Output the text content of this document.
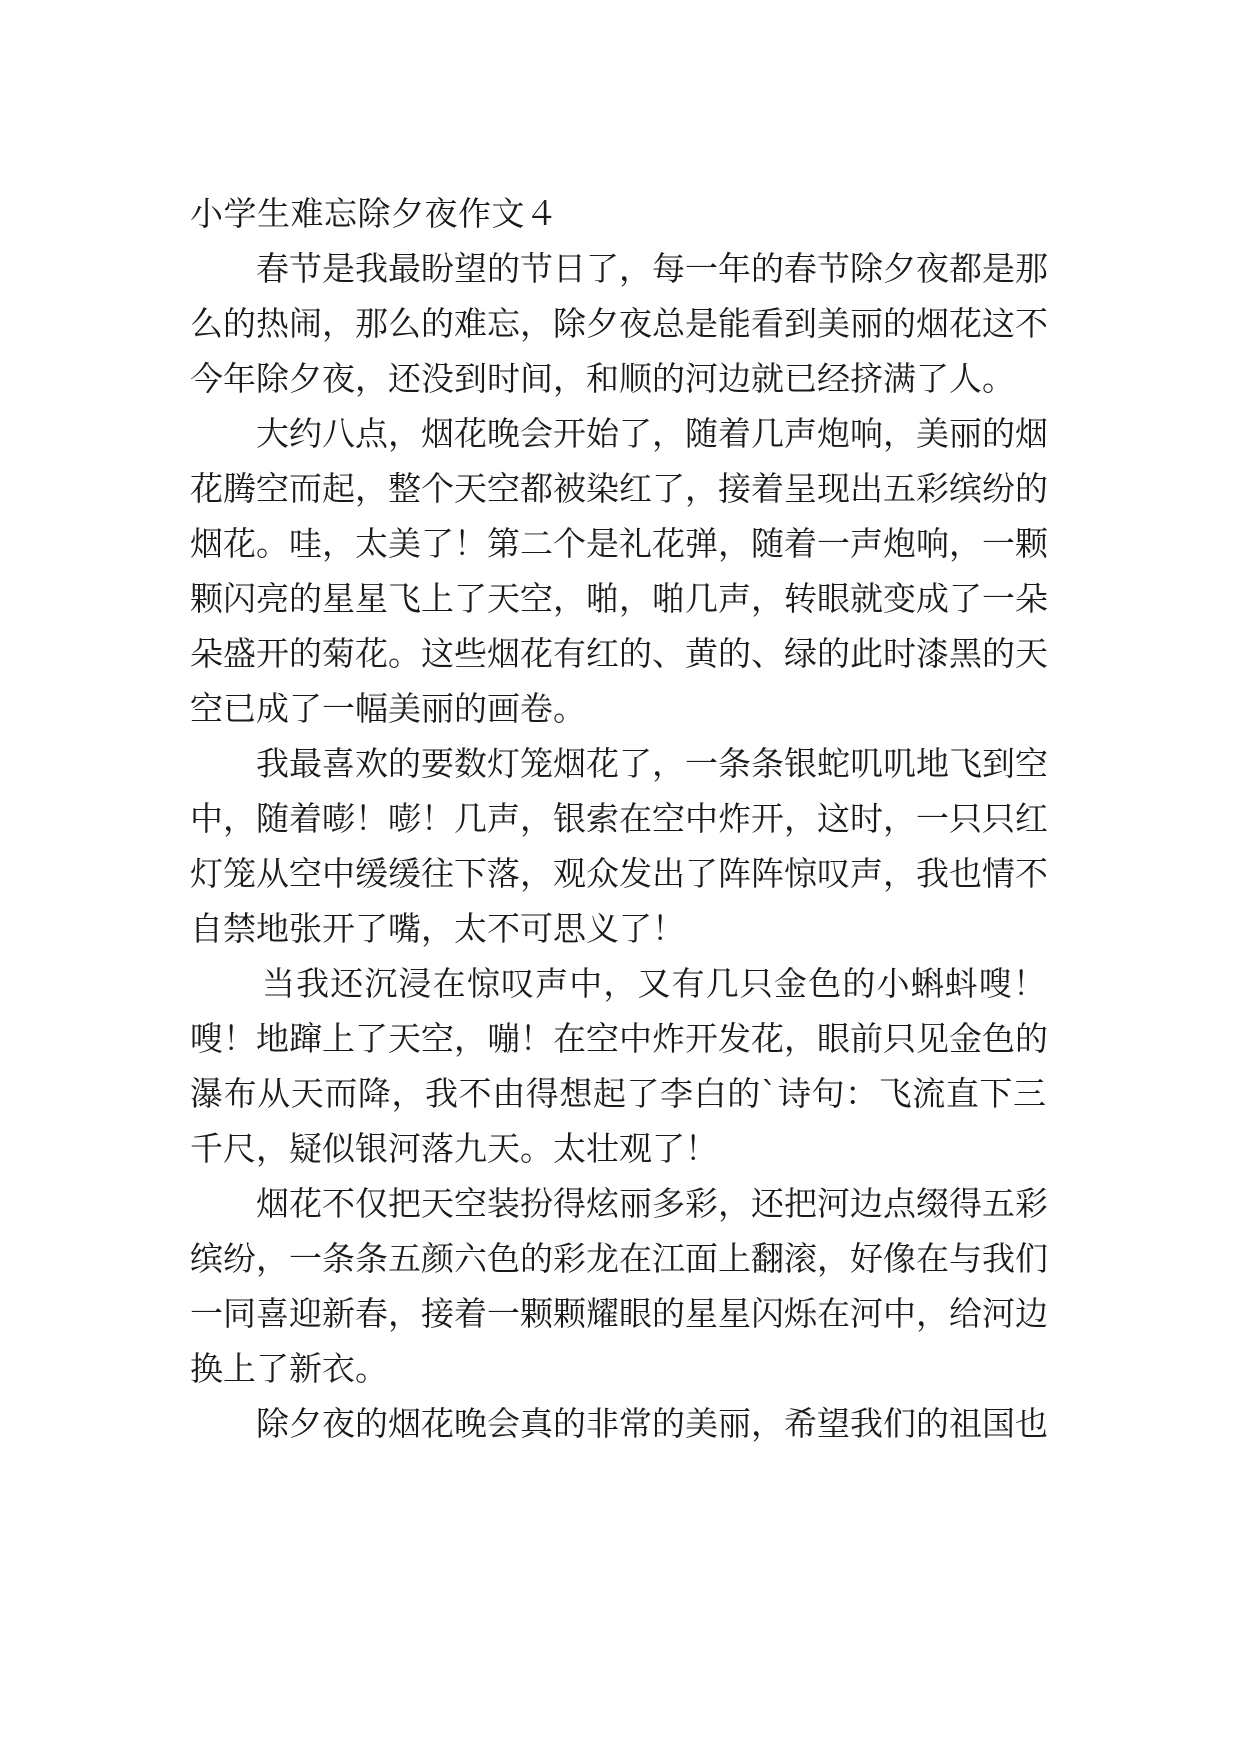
小学生难忘除夕夜作文４
春节是我最盼望的节日了，每一年的春节除夕夜都是那
么的热闹，那么的难忘，除夕夜总是能看到美丽的烟花这不
今年除夕夜，还没到时间，和顺的河边就已经挤满了人。
大约八点，烟花晚会开始了，随着几声炮响，美丽的烟
花腾空而起，整个天空都被染红了，接着呈现出五彩缤纷的
烟花。哇，太美了！第二个是礼花弹，随着一声炮响，一颗
颗闪亮的星星飞上了天空，啪，啪几声，转眼就变成了一朵
朵盛开的菊花。这些烟花有红的、黄的、绿的此时漆黑的天
空已成了一幅美丽的画卷。
我最喜欢的要数灯笼烟花了，一条条银蛇叽叽地飞到空
中，随着嘭！嘭！几声，银索在空中炸开，这时，一只只红
灯笼从空中缓缓往下落，观众发出了阵阵惊叹声，我也情不
自禁地张开了嘴，太不可思义了！
当我还沉浸在惊叹声中，又有几只金色的小蝌蚪嗖！
嗖！地蹿上了天空，嘣！在空中炸开发花，眼前只见金色的
瀑布从天而降，我不由得想起了李白的`诗句：飞流直下三
千尺，疑似银河落九天。太壮观了！
烟花不仅把天空装扮得炫丽多彩，还把河边点缀得五彩
缤纷，一条条五颜六色的彩龙在江面上翻滚，好像在与我们
一同喜迎新春，接着一颗颗耀眼的星星闪烁在河中，给河边
换上了新衣。
除夕夜的烟花晚会真的非常的美丽，希望我们的祖国也
